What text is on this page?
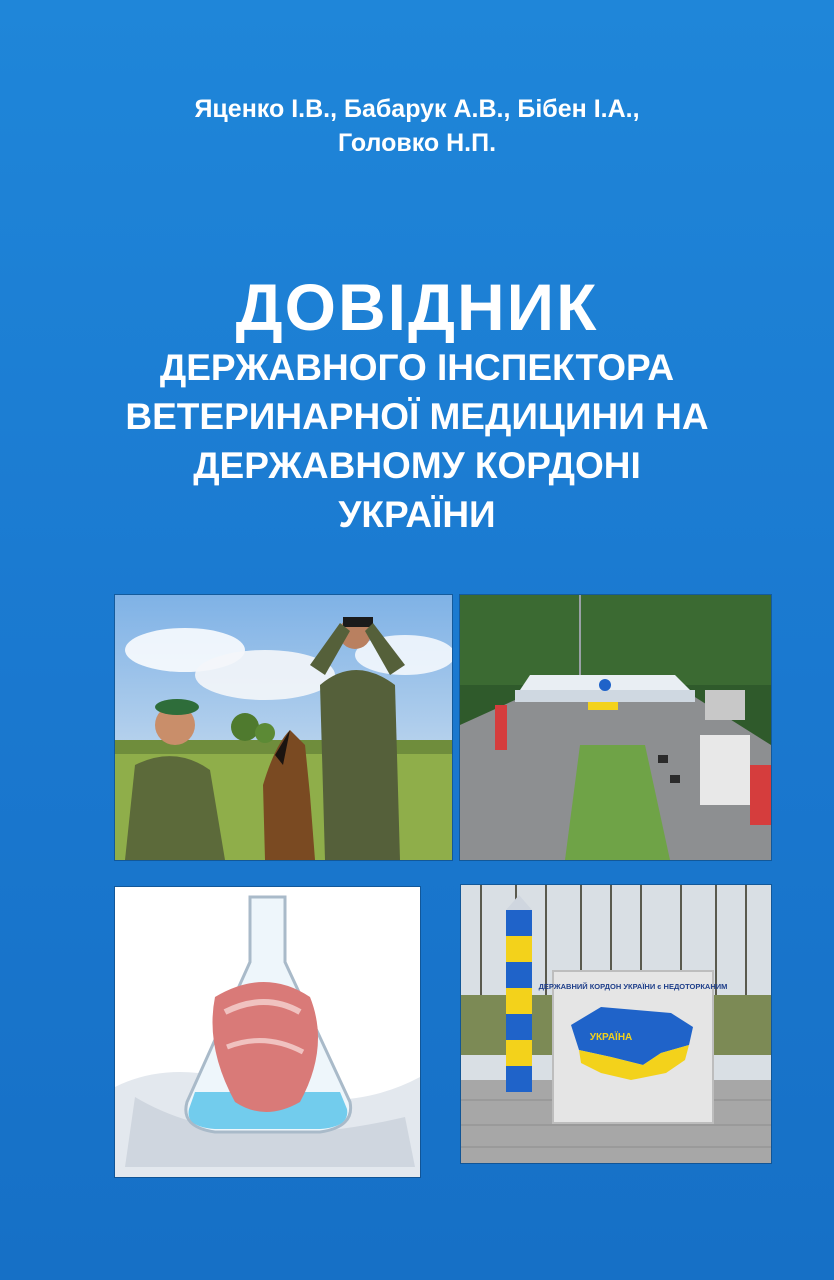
Яценко І.В., Бабарук А.В., Бібен І.А.,
Головко Н.П.
ДОВІДНИК
ДЕРЖАВНОГО ІНСПЕКТОРА
ВЕТЕРИНАРНОЇ МЕДИЦИНИ НА
ДЕРЖАВНОМУ КОРДОНІ
УКРАЇНИ
ДЕРЖАВНИЙ КОРДОН УКРАЇНИ є НЕДОТОРКАНИМ
УКРАЇНА
